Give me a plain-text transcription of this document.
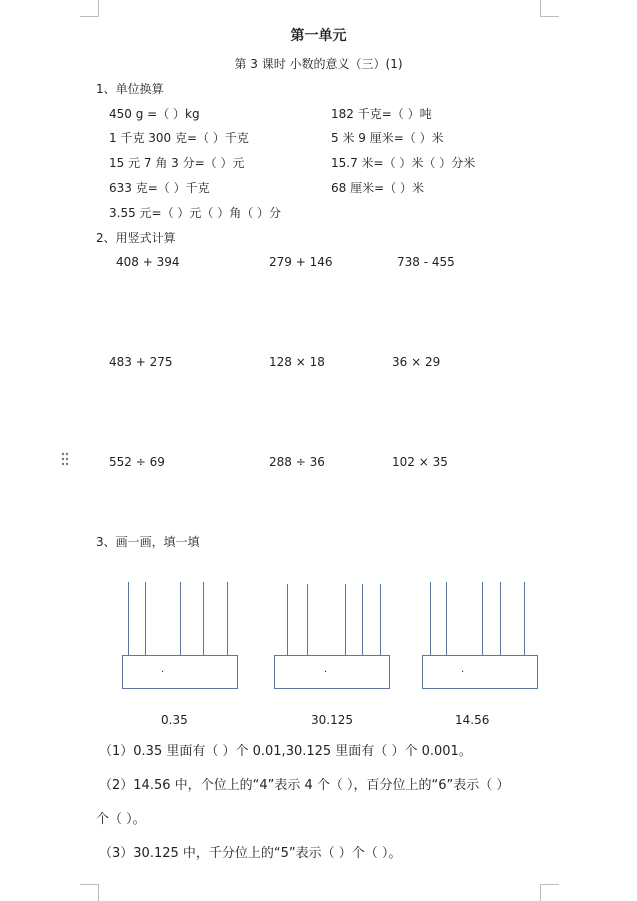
第一单元
第 3 课时 小数的意义（三）(1)
1、单位换算
450 g =（ ）kg	182 千克=（ ）吨
1 千克 300 克=（ ）千克	5 米 9 厘米=（ ）米
15 元 7 角 3 分=（ ）元	15.7 米=（ ）米（ ）分米
633 克=（ ）千克	68 厘米=（ ）米
3.55 元=（ ）元（ ）角（ ）分
2、用竖式计算
408 + 394	279 + 146	738 - 455
483 + 275	128 × 18	36 × 29
552 ÷ 69	288 ÷ 36	102 × 35
3、画一画，填一填
.	.	.
0.35	30.125	14.56
（1）0.35 里面有（ ）个 0.01,30.125 里面有（ ）个 0.001。
（2）14.56 中，个位上的“4”表示 4 个（ ），百分位上的“6”表示（ ）
个（ ）。
（3）30.125 中，千分位上的“5”表示（ ）个（ ）。
